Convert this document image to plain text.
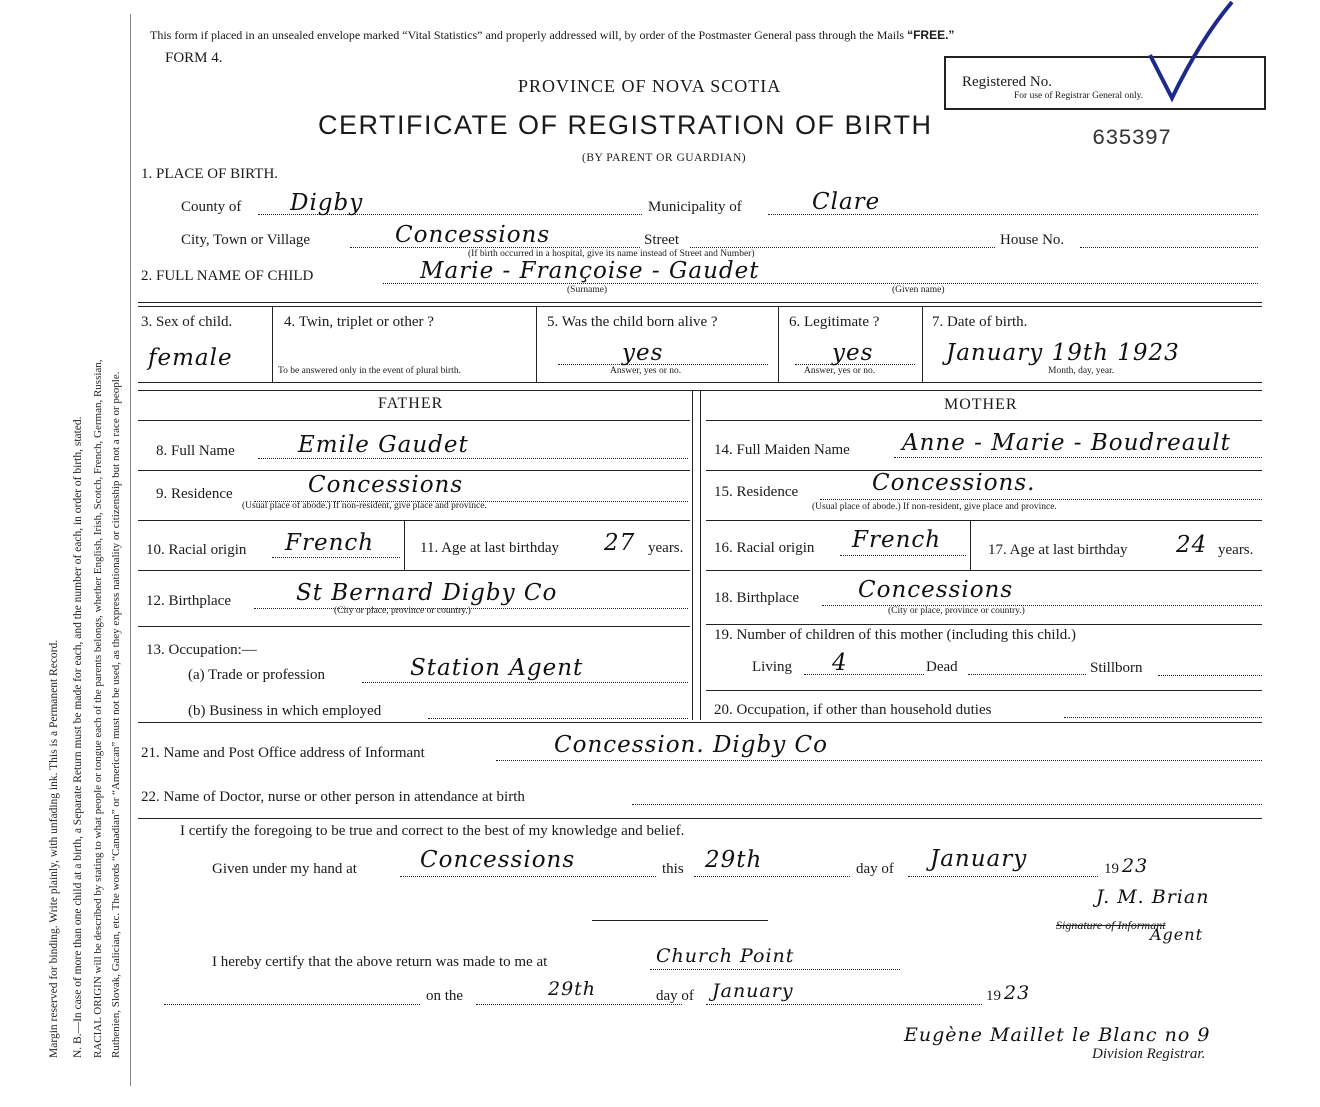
Margin reserved for binding. Write plainly, with unfading ink. This is a Permanent Record. N. B.—In case of more than one child at a birth, a Separate Return must be made for each, and the number of each, in order of birth, stated. RACIAL ORIGIN will be described by stating to what people or tongue each of the parents belongs, whether English, Irish, Scotch, French, German, Russian, Ruthenien, Slovak, Galician, etc. The words “Canadian” or “American” must not be used, as they express nationality or citizenship but not a race or people.
This form if placed in an unsealed envelope marked “Vital Statistics” and properly addressed will, by order of the Postmaster General pass through the Mails “FREE.”
FORM 4.
PROVINCE OF NOVA SCOTIA
CERTIFICATE OF REGISTRATION OF BIRTH
(BY PARENT OR GUARDIAN)
635397
Registered No.
For use of Registrar General only.
1. PLACE OF BIRTH.
County of Digby	Municipality of	Clare
City, Town or Village	Concessions	Street	House No.
(If birth occurred in a hospital, give its name instead of Street and Number)
2. FULL NAME OF CHILD	Marie - Françoise - Gaudet
(Surname)	(Given name)
3. Sex of child.
female
4. Twin, triplet or other ?
To be answered only in the event of plural birth.
5. Was the child born alive ?
yes
Answer, yes or no.
6. Legitimate ?
yes
Answer, yes or no.
7. Date of birth.
January 19th 1923
Month, day, year.
FATHER	MOTHER
8. Full Name	Emile Gaudet
9. Residence	Concessions
(Usual place of abode.) If non-resident, give place and province.
10. Racial origin French	11. Age at last birthday 27 years.
12. Birthplace	St Bernard Digby Co
(City or place, province or country.)
13. Occupation:—
(a) Trade or profession	Station Agent
(b) Business in which employed
14. Full Maiden Name Anne - Marie - Boudreault
15. Residence	Concessions.
(Usual place of abode.) If non-resident, give place and province.
16. Racial origin French	17. Age at last birthday 24 years.
18. Birthplace	Concessions
(City or place, province or country.)
19. Number of children of this mother (including this child.)
Living 4	Dead	Stillborn
20. Occupation, if other than household duties
21. Name and Post Office address of Informant	Concession. Digby Co
22. Name of Doctor, nurse or other person in attendance at birth
I certify the foregoing to be true and correct to the best of my knowledge and belief.
Given under my hand at	Concessions	this 29th	day of January	19 23
J. M. Brian
Signature of Informant
Agent
I hereby certify that the above return was made to me at	Church Point
on the	29th	day of January	19 23
Eugène Maillet le Blanc no 9
Division Registrar.
